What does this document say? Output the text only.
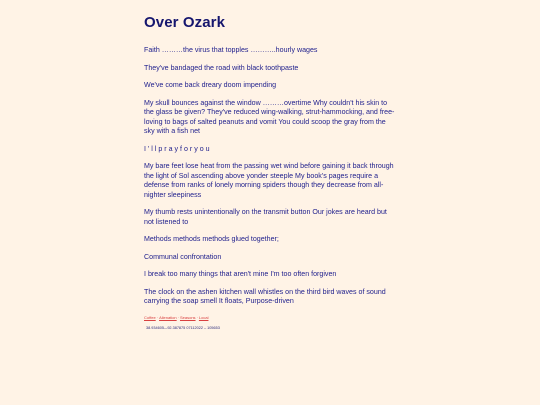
Over Ozark

Faith ………the virus that topples ………..hourly wages

They've bandaged the road with black toothpaste

We've come back dreary doom impending

My skull bounces against the window ………overtime Why couldn't his skin to the glass be given? They've reduced wing-walking, strut-hammocking, and free-loving to bags of salted peanuts and vomit You could scoop the gray from the sky with a fish net

I ' l l p r a y f o r y o u

My bare feet lose heat from the passing wet wind before gaining it back through the light of Sol ascending above yonder steeple My book's pages require a defense from ranks of lonely morning spiders though they decrease from all-nighter sleepiness

My thumb rests unintentionally on the transmit button Our jokes are heard but not listened to

Methods methods methods glued together;

Communal confrontation

I break too many things that aren't mine I'm too often forgiven

The clock on the ashen kitchen wall whistles on the third bird waves of sound carrying the soap smell It floats, Purpose-driven

Coffee·Alienation·Seasons·Local
38.934605–-92.387875 07112022 – 105653
